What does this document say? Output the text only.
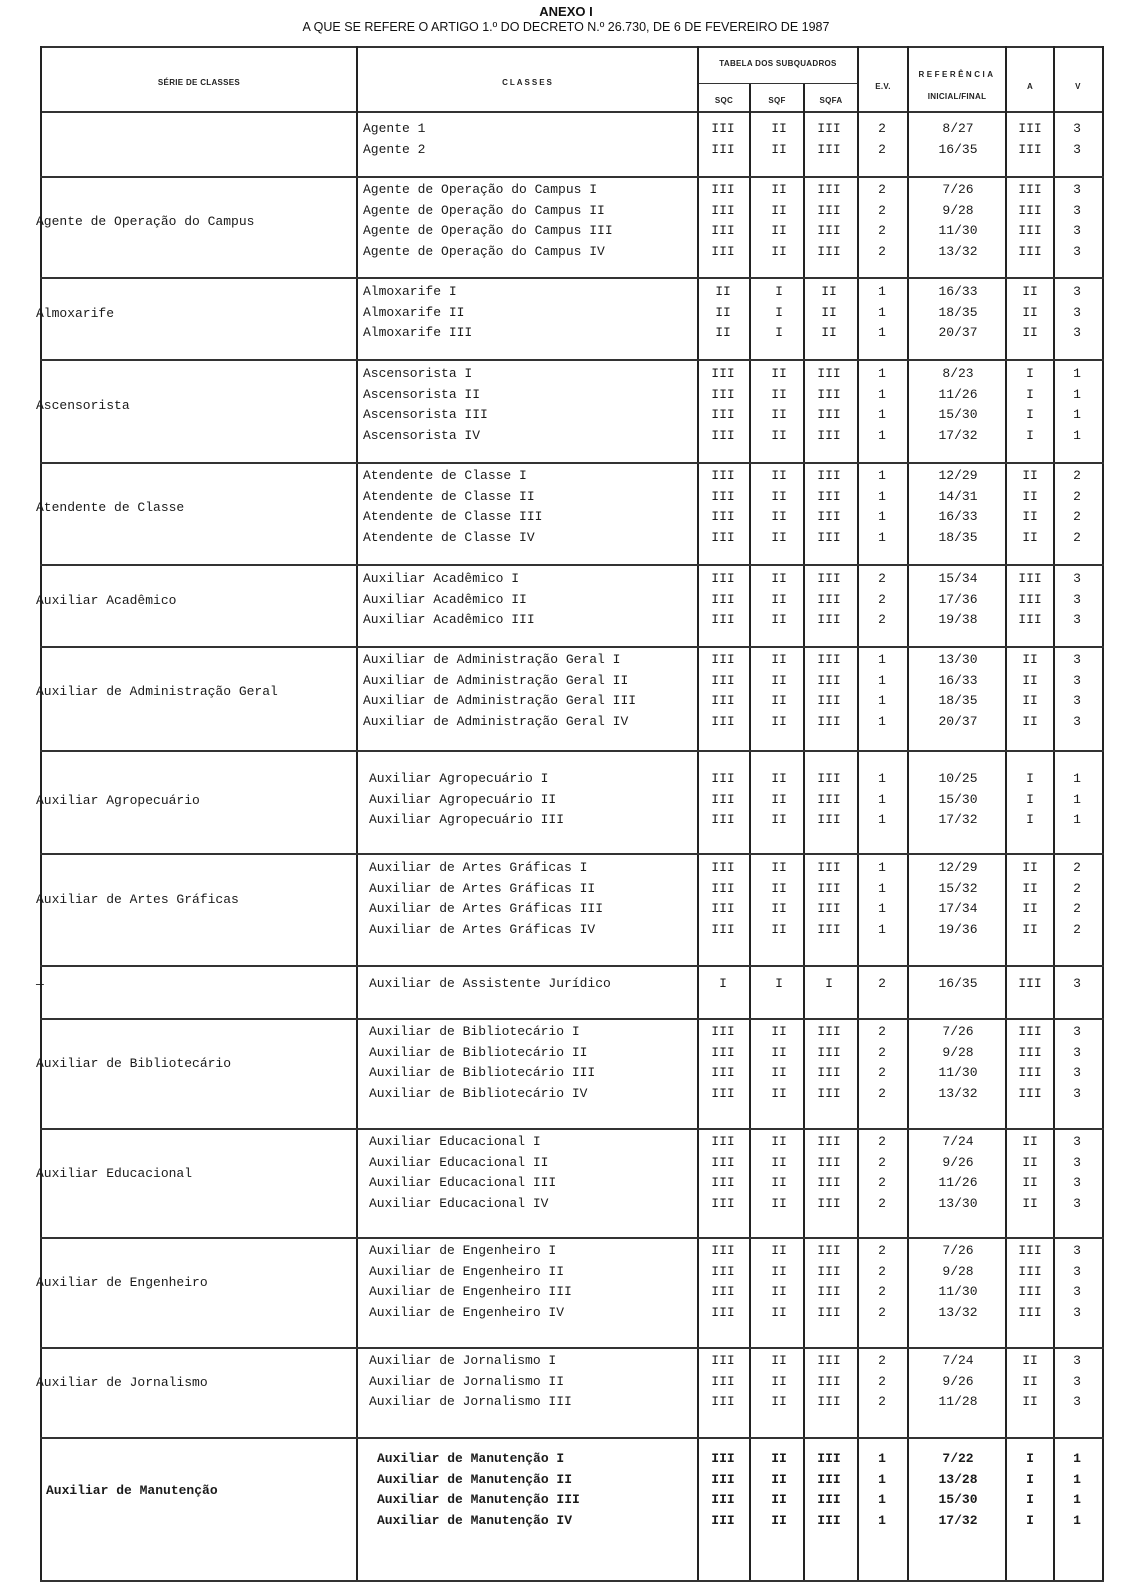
ANEXO I
A QUE SE REFERE O ARTIGO 1.º DO DECRETO N.º 26.730, DE 6 DE FEVEREIRO DE 1987
SÉRIE DE CLASSES	CLASSES
TABELA DOS SUBQUADROS
SQC	SQF	SQFA
E.V.
REFERÊNCIA
INICIAL/FINAL
A	V
Agente 1	III	II	III	2	8/27	III	3
Agente 2	III	II	III	2	16/35	III	3
Agente de Operação do Campus
Agente de Operação do Campus I	III	II	III	2	7/26	III	3
Agente de Operação do Campus II	III	II	III	2	9/28	III	3
Agente de Operação do Campus III	III	II	III	2	11/30	III	3
Agente de Operação do Campus IV	III	II	III	2	13/32	III	3
Almoxarife
Almoxarife I	II	I	II	1	16/33	II	3
Almoxarife II	II	I	II	1	18/35	II	3
Almoxarife III	II	I	II	1	20/37	II	3
Ascensorista
Ascensorista I	III	II	III	1	8/23	I	1
Ascensorista II	III	II	III	1	11/26	I	1
Ascensorista III	III	II	III	1	15/30	I	1
Ascensorista IV	III	II	III	1	17/32	I	1
Atendente de Classe
Atendente de Classe I	III	II	III	1	12/29	II	2
Atendente de Classe II	III	II	III	1	14/31	II	2
Atendente de Classe III	III	II	III	1	16/33	II	2
Atendente de Classe IV	III	II	III	1	18/35	II	2
Auxiliar Acadêmico
Auxiliar Acadêmico I	III	II	III	2	15/34	III	3
Auxiliar Acadêmico II	III	II	III	2	17/36	III	3
Auxiliar Acadêmico III	III	II	III	2	19/38	III	3
Auxiliar de Administração Geral
Auxiliar de Administração Geral I	III	II	III	1	13/30	II	3
Auxiliar de Administração Geral II	III	II	III	1	16/33	II	3
Auxiliar de Administração Geral III	III	II	III	1	18/35	II	3
Auxiliar de Administração Geral IV	III	II	III	1	20/37	II	3
Auxiliar Agropecuário
Auxiliar Agropecuário I	III	II	III	1	10/25	I	1
Auxiliar Agropecuário II	III	II	III	1	15/30	I	1
Auxiliar Agropecuário III	III	II	III	1	17/32	I	1
Auxiliar de Artes Gráficas
Auxiliar de Artes Gráficas I	III	II	III	1	12/29	II	2
Auxiliar de Artes Gráficas II	III	II	III	1	15/32	II	2
Auxiliar de Artes Gráficas III	III	II	III	1	17/34	II	2
Auxiliar de Artes Gráficas IV	III	II	III	1	19/36	II	2
—	Auxiliar de Assistente Jurídico	I	I	I	2	16/35	III	3
Auxiliar de Bibliotecário
Auxiliar de Bibliotecário I	III	II	III	2	7/26	III	3
Auxiliar de Bibliotecário II	III	II	III	2	9/28	III	3
Auxiliar de Bibliotecário III	III	II	III	2	11/30	III	3
Auxiliar de Bibliotecário IV	III	II	III	2	13/32	III	3
Auxiliar Educacional
Auxiliar Educacional I	III	II	III	2	7/24	II	3
Auxiliar Educacional II	III	II	III	2	9/26	II	3
Auxiliar Educacional III	III	II	III	2	11/26	II	3
Auxiliar Educacional IV	III	II	III	2	13/30	II	3
Auxiliar de Engenheiro
Auxiliar de Engenheiro I	III	II	III	2	7/26	III	3
Auxiliar de Engenheiro II	III	II	III	2	9/28	III	3
Auxiliar de Engenheiro III	III	II	III	2	11/30	III	3
Auxiliar de Engenheiro IV	III	II	III	2	13/32	III	3
Auxiliar de Jornalismo
Auxiliar de Jornalismo I	III	II	III	2	7/24	II	3
Auxiliar de Jornalismo II	III	II	III	2	9/26	II	3
Auxiliar de Jornalismo III	III	II	III	2	11/28	II	3
Auxiliar de Manutenção
Auxiliar de Manutenção I	III	II	III	1	7/22	I	1
Auxiliar de Manutenção II	III	II	III	1	13/28	I	1
Auxiliar de Manutenção III	III	II	III	1	15/30	I	1
Auxiliar de Manutenção IV	III	II	III	1	17/32	I	1
